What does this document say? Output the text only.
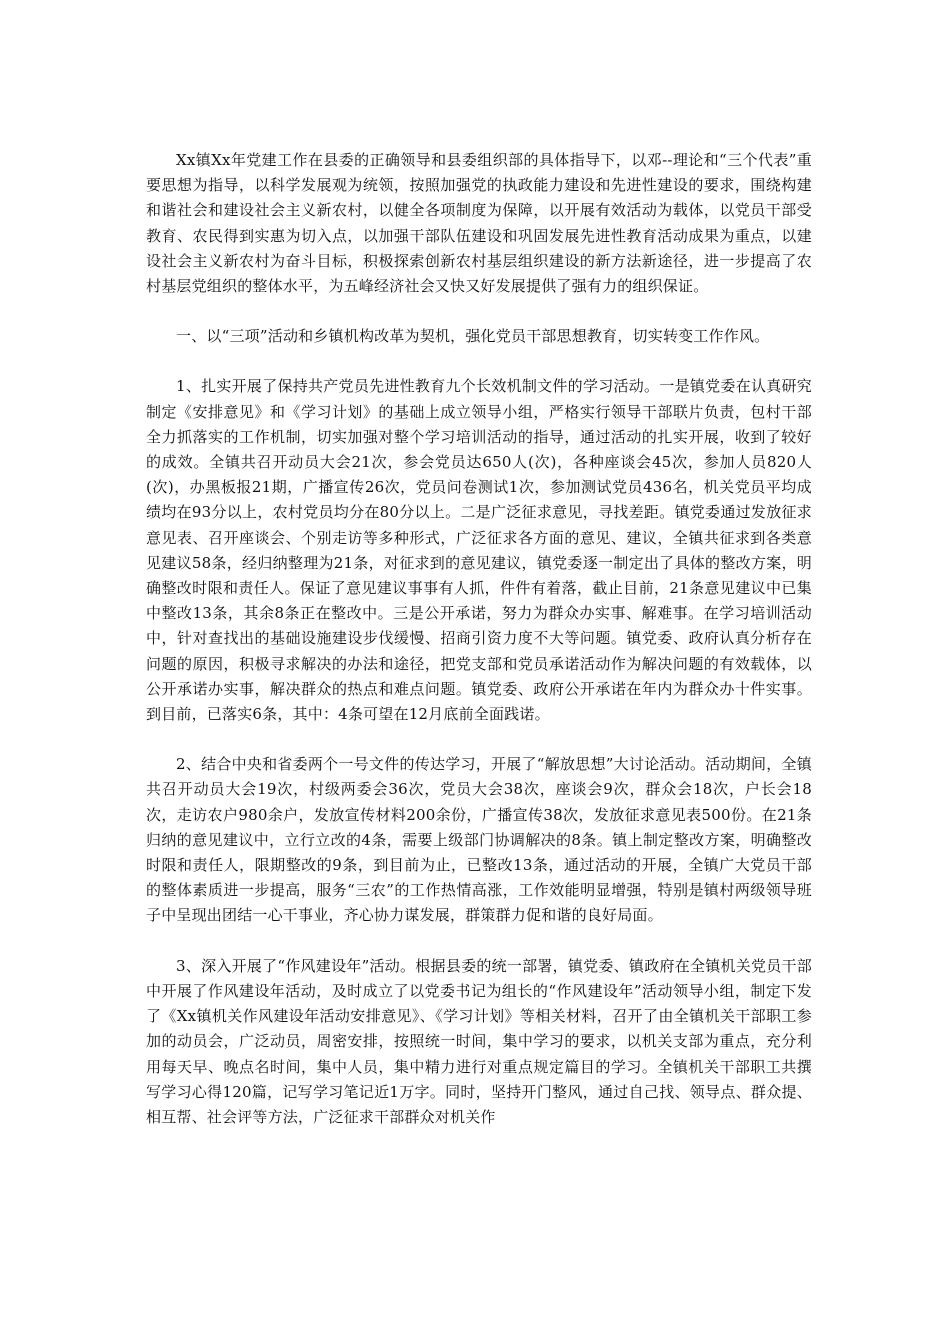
Xx镇Xx年党建工作在县委的正确领导和县委组织部的具体指导下，以邓--理论和“三个代表”重要思想为指导，以科学发展观为统领，按照加强党的执政能力建设和先进性建设的要求，围绕构建和谐社会和建设社会主义新农村，以健全各项制度为保障，以开展有效活动为载体，以党员干部受教育、农民得到实惠为切入点，以加强干部队伍建设和巩固发展先进性教育活动成果为重点，以建设社会主义新农村为奋斗目标，积极探索创新农村基层组织建设的新方法新途径，进一步提高了农村基层党组织的整体水平，为五峰经济社会又快又好发展提供了强有力的组织保证。

一、以“三项”活动和乡镇机构改革为契机，强化党员干部思想教育，切实转变工作作风。

1、扎实开展了保持共产党员先进性教育九个长效机制文件的学习活动。一是镇党委在认真研究制定《安排意见》和《学习计划》的基础上成立领导小组，严格实行领导干部联片负责，包村干部全力抓落实的工作机制，切实加强对整个学习培训活动的指导，通过活动的扎实开展，收到了较好的成效。全镇共召开动员大会21次，参会党员达650人(次)，各种座谈会45次，参加人员820人(次)，办黑板报21期，广播宣传26次，党员问卷测试1次，参加测试党员436名，机关党员平均成绩均在93分以上，农村党员均分在80分以上。二是广泛征求意见，寻找差距。镇党委通过发放征求意见表、召开座谈会、个别走访等多种形式，广泛征求各方面的意见、建议，全镇共征求到各类意见建议58条，经归纳整理为21条，对征求到的意见建议，镇党委逐一制定出了具体的整改方案，明确整改时限和责任人。保证了意见建议事事有人抓，件件有着落，截止目前，21条意见建议中已集中整改13条，其余8条正在整改中。三是公开承诺，努力为群众办实事、解难事。在学习培训活动中，针对查找出的基础设施建设步伐缓慢、招商引资力度不大等问题。镇党委、政府认真分析存在问题的原因，积极寻求解决的办法和途径，把党支部和党员承诺活动作为解决问题的有效载体，以公开承诺办实事，解决群众的热点和难点问题。镇党委、政府公开承诺在年内为群众办十件实事。到目前，已落实6条，其中：4条可望在12月底前全面践诺。

2、结合中央和省委两个一号文件的传达学习，开展了“解放思想”大讨论活动。活动期间，全镇共召开动员大会19次，村级两委会36次，党员大会38次，座谈会9次，群众会18次，户长会18次，走访农户980余户，发放宣传材料200余份，广播宣传38次，发放征求意见表500份。在21条归纳的意见建议中，立行立改的4条，需要上级部门协调解决的8条。镇上制定整改方案，明确整改时限和责任人，限期整改的9条，到目前为止，已整改13条，通过活动的开展，全镇广大党员干部的整体素质进一步提高，服务“三农”的工作热情高涨，工作效能明显增强，特别是镇村两级领导班子中呈现出团结一心干事业，齐心协力谋发展，群策群力促和谐的良好局面。

3、深入开展了“作风建设年”活动。根据县委的统一部署，镇党委、镇政府在全镇机关党员干部中开展了作风建设年活动，及时成立了以党委书记为组长的“作风建设年”活动领导小组，制定下发了《Xx镇机关作风建设年活动安排意见》、《学习计划》等相关材料，召开了由全镇机关干部职工参加的动员会，广泛动员，周密安排，按照统一时间，集中学习的要求，以机关支部为重点，充分利用每天早、晚点名时间，集中人员，集中精力进行对重点规定篇目的学习。全镇机关干部职工共撰写学习心得120篇，记写学习笔记近1万字。同时，坚持开门整风，通过自己找、领导点、群众提、相互帮、社会评等方法，广泛征求干部群众对机关作
